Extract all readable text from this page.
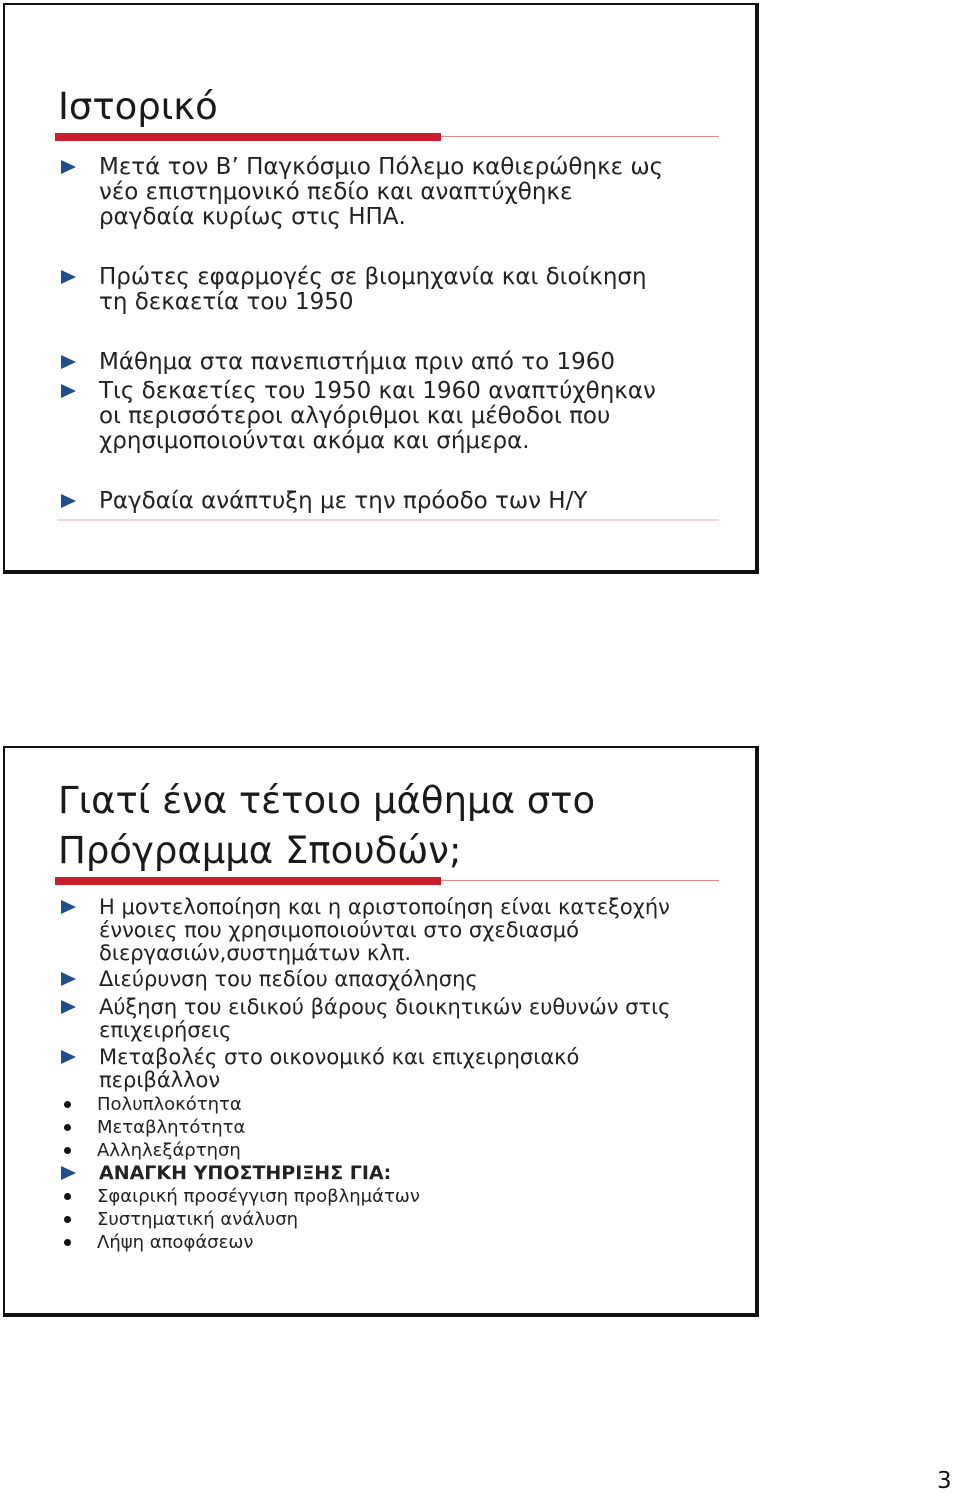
Ιστορικό
Μετά τον Β’ Παγκόσμιο Πόλεμο καθιερώθηκε ως
νέο επιστημονικό πεδίο και αναπτύχθηκε
ραγδαία κυρίως στις ΗΠΑ.
Πρώτες εφαρμογές σε βιομηχανία και διοίκηση
τη δεκαετία του 1950
Μάθημα στα πανεπιστήμια πριν από το 1960
Τις δεκαετίες του 1950 και 1960 αναπτύχθηκαν
οι περισσότεροι αλγόριθμοι και μέθοδοι που
χρησιμοποιούνται ακόμα και σήμερα.
Ραγδαία ανάπτυξη με την πρόοδο των Η/Υ
Γιατί ένα τέτοιο μάθημα στο
Πρόγραμμα Σπουδών;
Η μοντελοποίηση και η αριστοποίηση είναι κατεξοχήν
έννοιες που χρησιμοποιούνται στο σχεδιασμό
διεργασιών,συστημάτων κλπ.
Διεύρυνση του πεδίου απασχόλησης
Αύξηση του ειδικού βάρους διοικητικών ευθυνών στις
επιχειρήσεις
Μεταβολές στο οικονομικό και επιχειρησιακό
περιβάλλον
Πολυπλοκότητα
Μεταβλητότητα
Αλληλεξάρτηση
ΑΝΑΓΚΗ ΥΠΟΣΤΗΡΙΞΗΣ ΓΙΑ:
Σφαιρική προσέγγιση προβλημάτων
Συστηματική ανάλυση
Λήψη αποφάσεων
3
